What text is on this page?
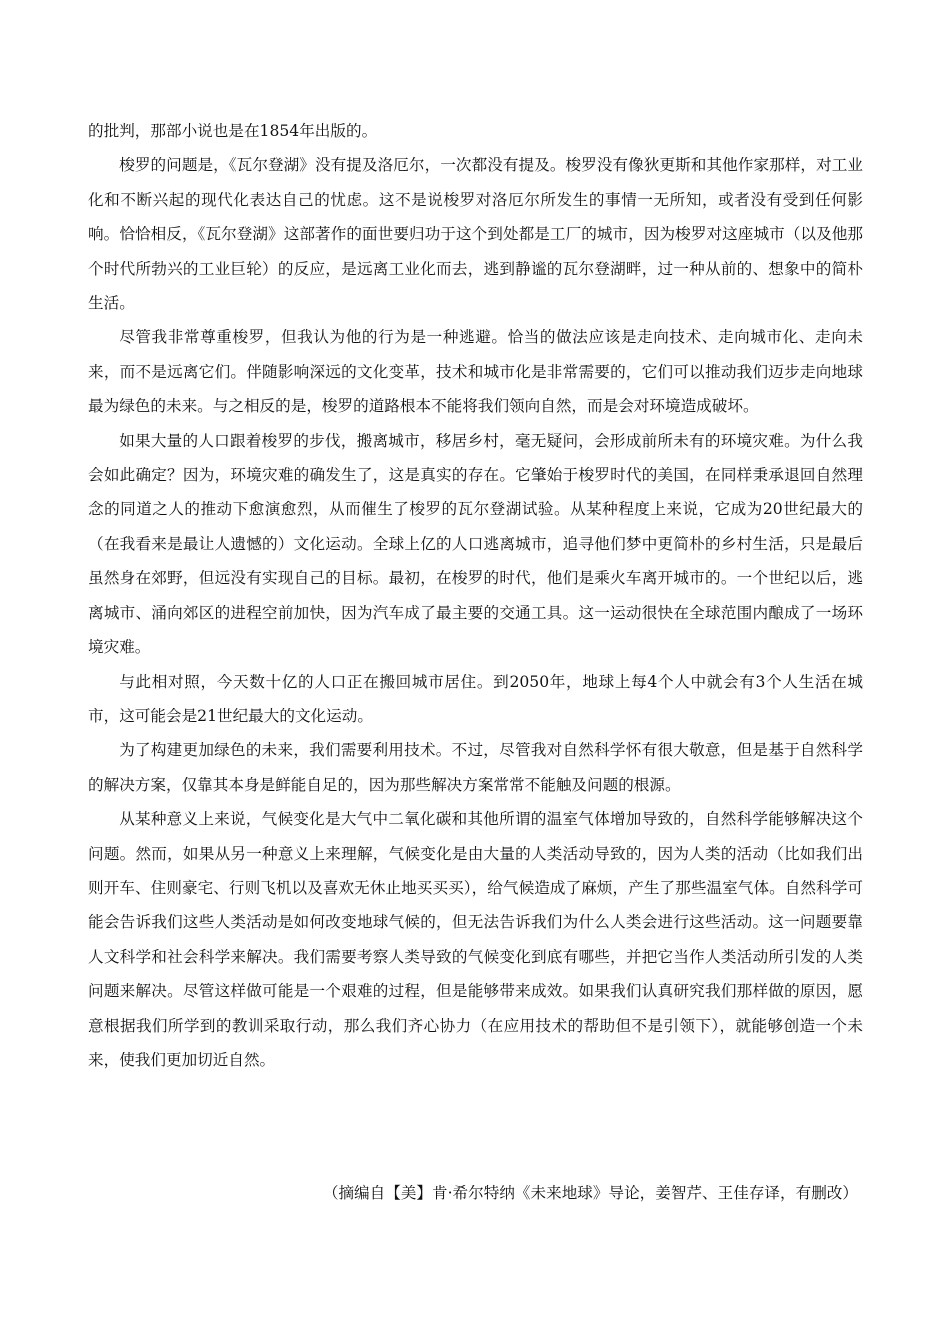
的批判，那部小说也是在1854年出版的。

梭罗的问题是，《瓦尔登湖》没有提及洛厄尔，一次都没有提及。梭罗没有像狄更斯和其他作家那样，对工业化和不断兴起的现代化表达自己的忧虑。这不是说梭罗对洛厄尔所发生的事情一无所知，或者没有受到任何影响。恰恰相反，《瓦尔登湖》这部著作的面世要归功于这个到处都是工厂的城市，因为梭罗对这座城市（以及他那个时代所勃兴的工业巨轮）的反应，是远离工业化而去，逃到静谧的瓦尔登湖畔，过一种从前的、想象中的简朴生活。

尽管我非常尊重梭罗，但我认为他的行为是一种逃避。恰当的做法应该是走向技术、走向城市化、走向未来，而不是远离它们。伴随影响深远的文化变革，技术和城市化是非常需要的，它们可以推动我们迈步走向地球最为绿色的未来。与之相反的是，梭罗的道路根本不能将我们领向自然，而是会对环境造成破坏。

如果大量的人口跟着梭罗的步伐，搬离城市，移居乡村，毫无疑问，会形成前所未有的环境灾难。为什么我会如此确定？因为，环境灾难的确发生了，这是真实的存在。它肇始于梭罗时代的美国，在同样秉承退回自然理念的同道之人的推动下愈演愈烈，从而催生了梭罗的瓦尔登湖试验。从某种程度上来说，它成为20世纪最大的（在我看来是最让人遗憾的）文化运动。全球上亿的人口逃离城市，追寻他们梦中更简朴的乡村生活，只是最后虽然身在郊野，但远没有实现自己的目标。最初，在梭罗的时代，他们是乘火车离开城市的。一个世纪以后，逃离城市、涌向郊区的进程空前加快，因为汽车成了最主要的交通工具。这一运动很快在全球范围内酿成了一场环境灾难。

与此相对照，今天数十亿的人口正在搬回城市居住。到2050年，地球上每4个人中就会有3个人生活在城市，这可能会是21世纪最大的文化运动。

为了构建更加绿色的未来，我们需要利用技术。不过，尽管我对自然科学怀有很大敬意，但是基于自然科学的解决方案，仅靠其本身是鲜能自足的，因为那些解决方案常常不能触及问题的根源。

从某种意义上来说，气候变化是大气中二氧化碳和其他所谓的温室气体增加导致的，自然科学能够解决这个问题。然而，如果从另一种意义上来理解，气候变化是由大量的人类活动导致的，因为人类的活动（比如我们出则开车、住则豪宅、行则飞机以及喜欢无休止地买买买），给气候造成了麻烦，产生了那些温室气体。自然科学可能会告诉我们这些人类活动是如何改变地球气候的，但无法告诉我们为什么人类会进行这些活动。这一问题要靠人文科学和社会科学来解决。我们需要考察人类导致的气候变化到底有哪些，并把它当作人类活动所引发的人类问题来解决。尽管这样做可能是一个艰难的过程，但是能够带来成效。如果我们认真研究我们那样做的原因，愿意根据我们所学到的教训采取行动，那么我们齐心协力（在应用技术的帮助但不是引领下），就能够创造一个未来，使我们更加切近自然。

（摘编自【美】肯·希尔特纳《未来地球》导论，姜智芹、王佳存译，有删改）
